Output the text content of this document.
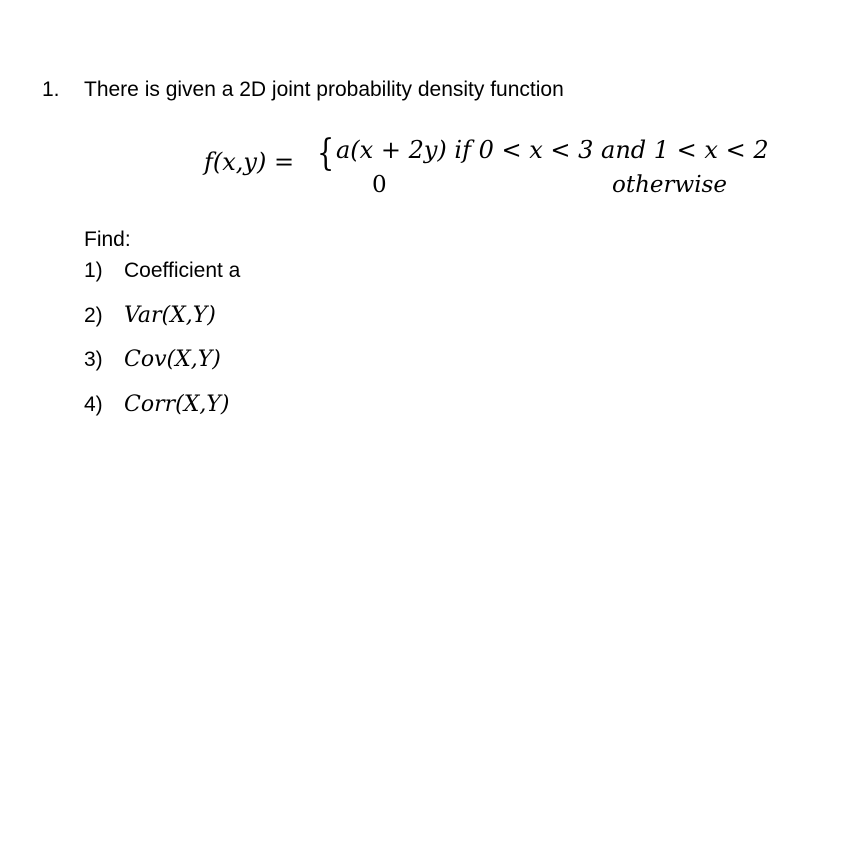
1. There is given a 2D joint probability density function
f(x,y) = { a(x + 2y) if 0 < x < 3 and 1 < x < 2
0	otherwise
Find:
1) Coefficient a
2) Var(X,Y)
3) Cov(X,Y)
4) Corr(X,Y)
